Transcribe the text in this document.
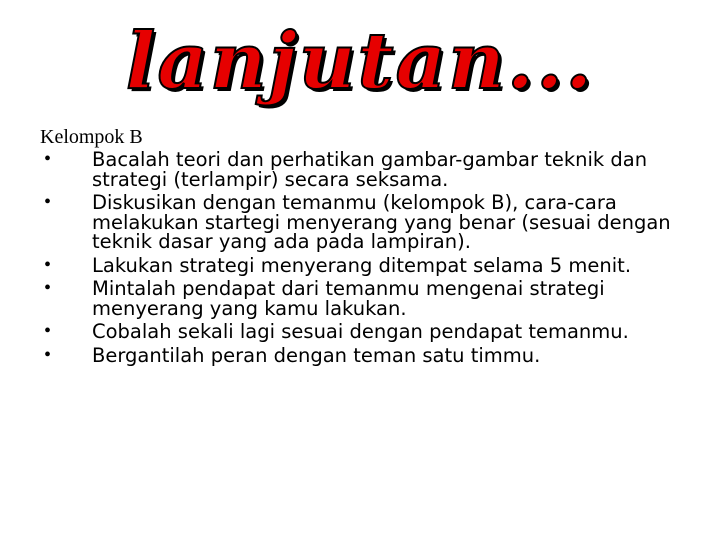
lanjutan...
Kelompok B
• Bacalah teori dan perhatikan gambar-gambar teknik dan strategi (terlampir) secara seksama.
• Diskusikan dengan temanmu (kelompok B), cara-cara melakukan startegi menyerang yang benar (sesuai dengan teknik dasar yang ada pada lampiran).
• Lakukan strategi menyerang ditempat selama 5 menit.
• Mintalah pendapat dari temanmu mengenai strategi menyerang yang kamu lakukan.
• Cobalah sekali lagi sesuai dengan pendapat temanmu.
• Bergantilah peran dengan teman satu timmu.
